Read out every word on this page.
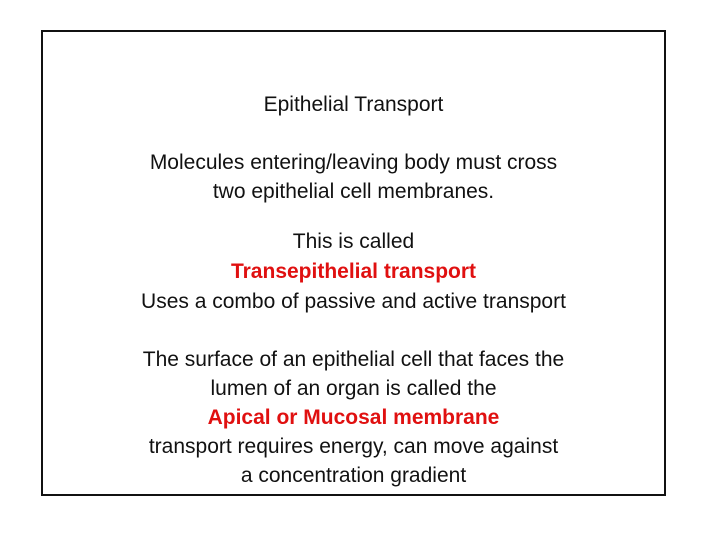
Epithelial Transport
Molecules entering/leaving body must cross
two epithelial cell membranes.
This is called
Transepithelial transport
Uses a combo of passive and active transport
The surface of an epithelial cell that faces the
lumen of an organ is called the
Apical or Mucosal membrane
transport requires energy, can move against
a concentration gradient
